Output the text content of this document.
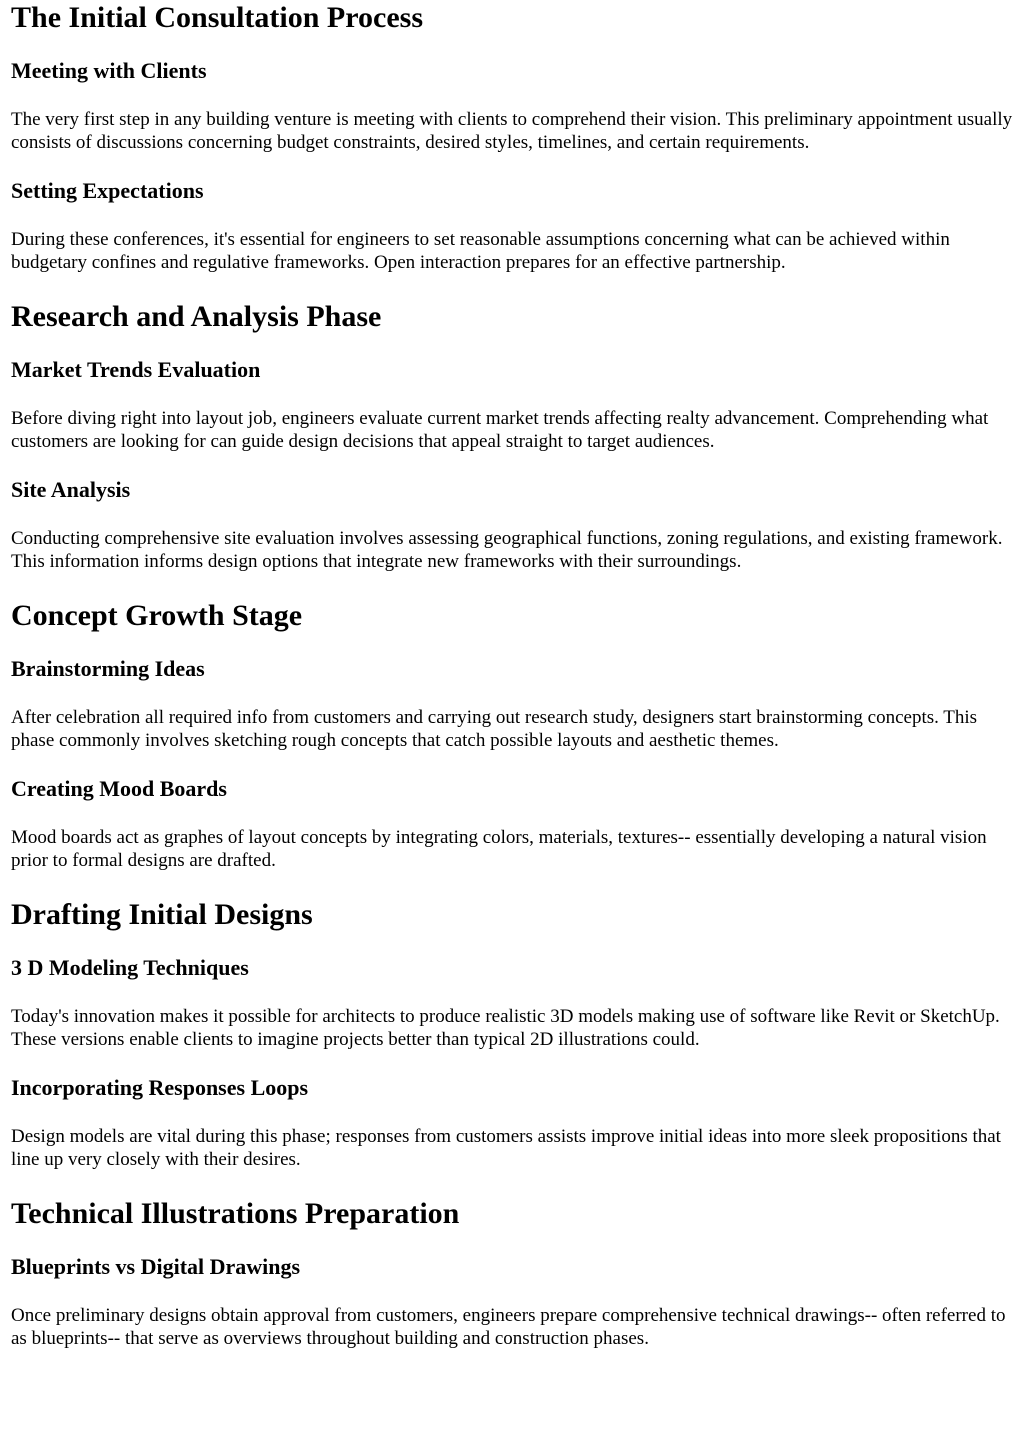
The Initial Consultation Process
Meeting with Clients

The very first step in any building venture is meeting with clients to comprehend their vision. This preliminary appointment usually consists of discussions concerning budget constraints, desired styles, timelines, and certain requirements.

Setting Expectations

During these conferences, it's essential for engineers to set reasonable assumptions concerning what can be achieved within budgetary confines and regulative frameworks. Open interaction prepares for an effective partnership.

Research and Analysis Phase
Market Trends Evaluation

Before diving right into layout job, engineers evaluate current market trends affecting realty advancement. Comprehending what customers are looking for can guide design decisions that appeal straight to target audiences.

Site Analysis

Conducting comprehensive site evaluation involves assessing geographical functions, zoning regulations, and existing framework. This information informs design options that integrate new frameworks with their surroundings.

Concept Growth Stage
Brainstorming Ideas

After celebration all required info from customers and carrying out research study, designers start brainstorming concepts. This phase commonly involves sketching rough concepts that catch possible layouts and aesthetic themes.

Creating Mood Boards

Mood boards act as graphes of layout concepts by integrating colors, materials, textures-- essentially developing a natural vision prior to formal designs are drafted.

Drafting Initial Designs
3 D Modeling Techniques

Today's innovation makes it possible for architects to produce realistic 3D models making use of software like Revit or SketchUp. These versions enable clients to imagine projects better than typical 2D illustrations could.

Incorporating Responses Loops

Design models are vital during this phase; responses from customers assists improve initial ideas into more sleek propositions that line up very closely with their desires.

Technical Illustrations Preparation
Blueprints vs Digital Drawings

Once preliminary designs obtain approval from customers, engineers prepare comprehensive technical drawings-- often referred to as blueprints-- that serve as overviews throughout building and construction phases.
